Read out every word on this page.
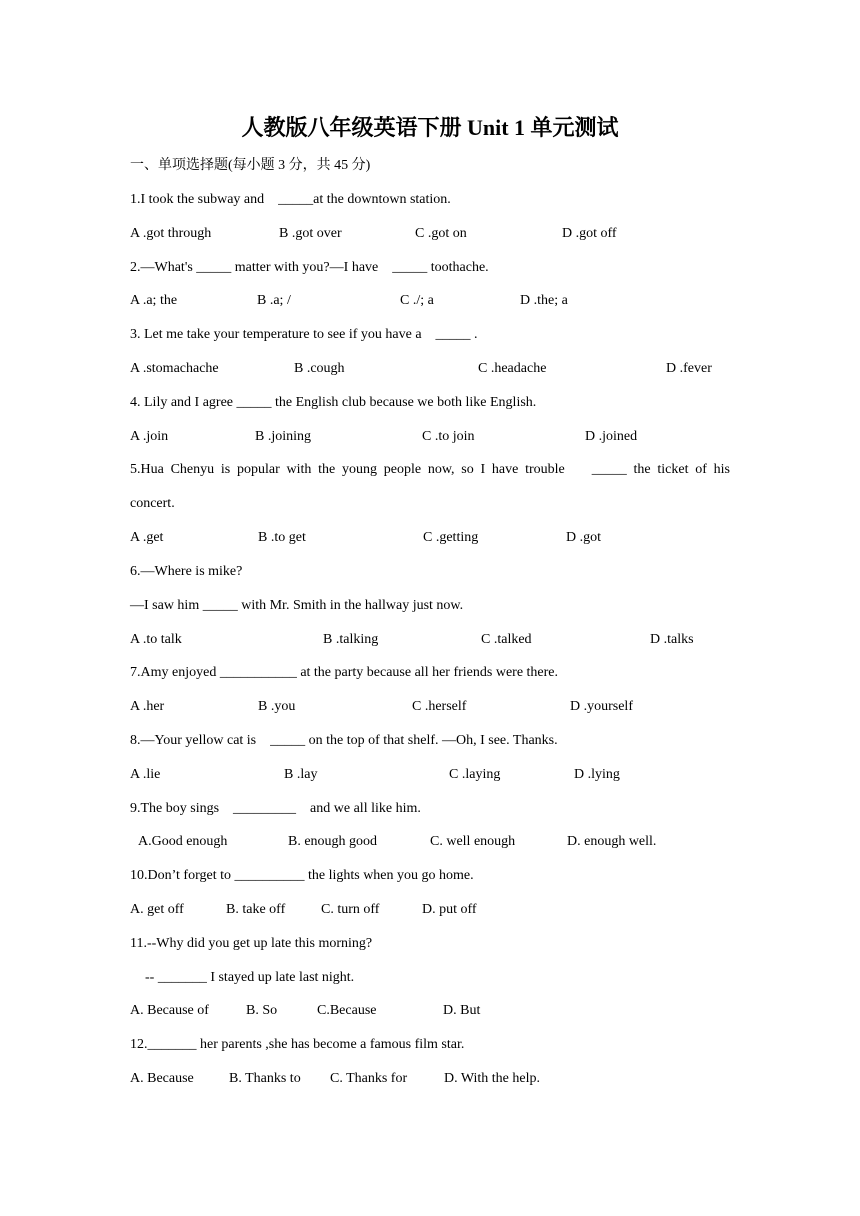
人教版八年级英语下册 Unit 1 单元测试
一、单项选择题(每小题 3 分，共 45 分)
1.I took the subway and    _____at the downtown station.
A .got through	B .got over	C .got on	D .got off
2.—What's _____ matter with you?—I have    _____ toothache.
A .a; the	B .a; /	C ./; a	D .the; a
3. Let me take your temperature to see if you have a    _____ .
A .stomachache	B .cough	C .headache	D .fever
4. Lily and I agree _____ the English club because we both like English.
A .join	B .joining	C .to join	D .joined
5.Hua Chenyu is popular with the young people now, so I have trouble    _____ the ticket of his
concert.
A .get	B .to get	C .getting	D .got
6.—Where is mike?
—I saw him _____ with Mr. Smith in the hallway just now.
A .to talk	B .talking	C .talked	D .talks
7.Amy enjoyed ___________ at the party because all her friends were there.
A .her	B .you	C .herself	D .yourself
8.—Your yellow cat is    _____ on the top of that shelf. —Oh, I see. Thanks.
A .lie	B .lay	C .laying	D .lying
9.The boy sings    _________    and we all like him.
A.Good enough	B. enough good	C. well enough	D. enough well.
10.Don’t forget to __________ the lights when you go home.
A. get off	B. take off	C. turn off	D. put off
11.--Why did you get up late this morning?
-- _______ I stayed up late last night.
A. Because of	B. So	C.Because	D. But
12._______ her parents ,she has become a famous film star.
A. Because	B. Thanks to C. Thanks for	D. With the help.
